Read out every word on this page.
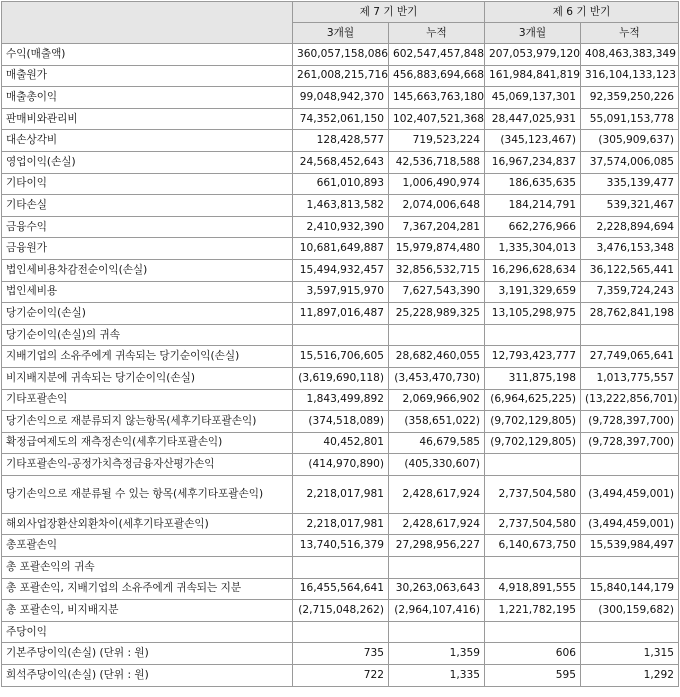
	제 7 기 반기		제 6 기 반기	
	3개월	누적	3개월	누적
수익(매출액)	360,057,158,086	602,547,457,848	207,053,979,120	408,463,383,349
매출원가	261,008,215,716	456,883,694,668	161,984,841,819	316,104,133,123
매출총이익	99,048,942,370	145,663,763,180	45,069,137,301	92,359,250,226
판매비와관리비	74,352,061,150	102,407,521,368	28,447,025,931	55,091,153,778
대손상각비	128,428,577	719,523,224	(345,123,467)	(305,909,637)
영업이익(손실)	24,568,452,643	42,536,718,588	16,967,234,837	37,574,006,085
기타이익	661,010,893	1,006,490,974	186,635,635	335,139,477
기타손실	1,463,813,582	2,074,006,648	184,214,791	539,321,467
금융수익	2,410,932,390	7,367,204,281	662,276,966	2,228,894,694
금융원가	10,681,649,887	15,979,874,480	1,335,304,013	3,476,153,348
법인세비용차감전순이익(손실)	15,494,932,457	32,856,532,715	16,296,628,634	36,122,565,441
법인세비용	3,597,915,970	7,627,543,390	3,191,329,659	7,359,724,243
당기순이익(손실)	11,897,016,487	25,228,989,325	13,105,298,975	28,762,841,198
당기순이익(손실)의 귀속				
지배기업의 소유주에게 귀속되는 당기순이익(손실)	15,516,706,605	28,682,460,055	12,793,423,777	27,749,065,641
비지배지분에 귀속되는 당기순이익(손실)	(3,619,690,118)	(3,453,470,730)	311,875,198	1,013,775,557
기타포괄손익	1,843,499,892	2,069,966,902	(6,964,625,225)	(13,222,856,701)
당기손익으로 재분류되지 않는항목(세후기타포괄손익)	(374,518,089)	(358,651,022)	(9,702,129,805)	(9,728,397,700)
확정급여제도의 재측정손익(세후기타포괄손익)	40,452,801	46,679,585	(9,702,129,805)	(9,728,397,700)
기타포괄손익-공정가치측정금융자산평가손익	(414,970,890)	(405,330,607)		
당기손익으로 재분류될 수 있는 항목(세후기타포괄손익)	2,218,017,981	2,428,617,924	2,737,504,580	(3,494,459,001)
해외사업장환산외환차이(세후기타포괄손익)	2,218,017,981	2,428,617,924	2,737,504,580	(3,494,459,001)
총포괄손익	13,740,516,379	27,298,956,227	6,140,673,750	15,539,984,497
총 포괄손익의 귀속				
총 포괄손익, 지배기업의 소유주에게 귀속되는 지분	16,455,564,641	30,263,063,643	4,918,891,555	15,840,144,179
총 포괄손익, 비지배지분	(2,715,048,262)	(2,964,107,416)	1,221,782,195	(300,159,682)
주당이익				
기본주당이익(손실) (단위 : 원)	735	1,359	606	1,315
희석주당이익(손실) (단위 : 원)	722	1,335	595	1,292
